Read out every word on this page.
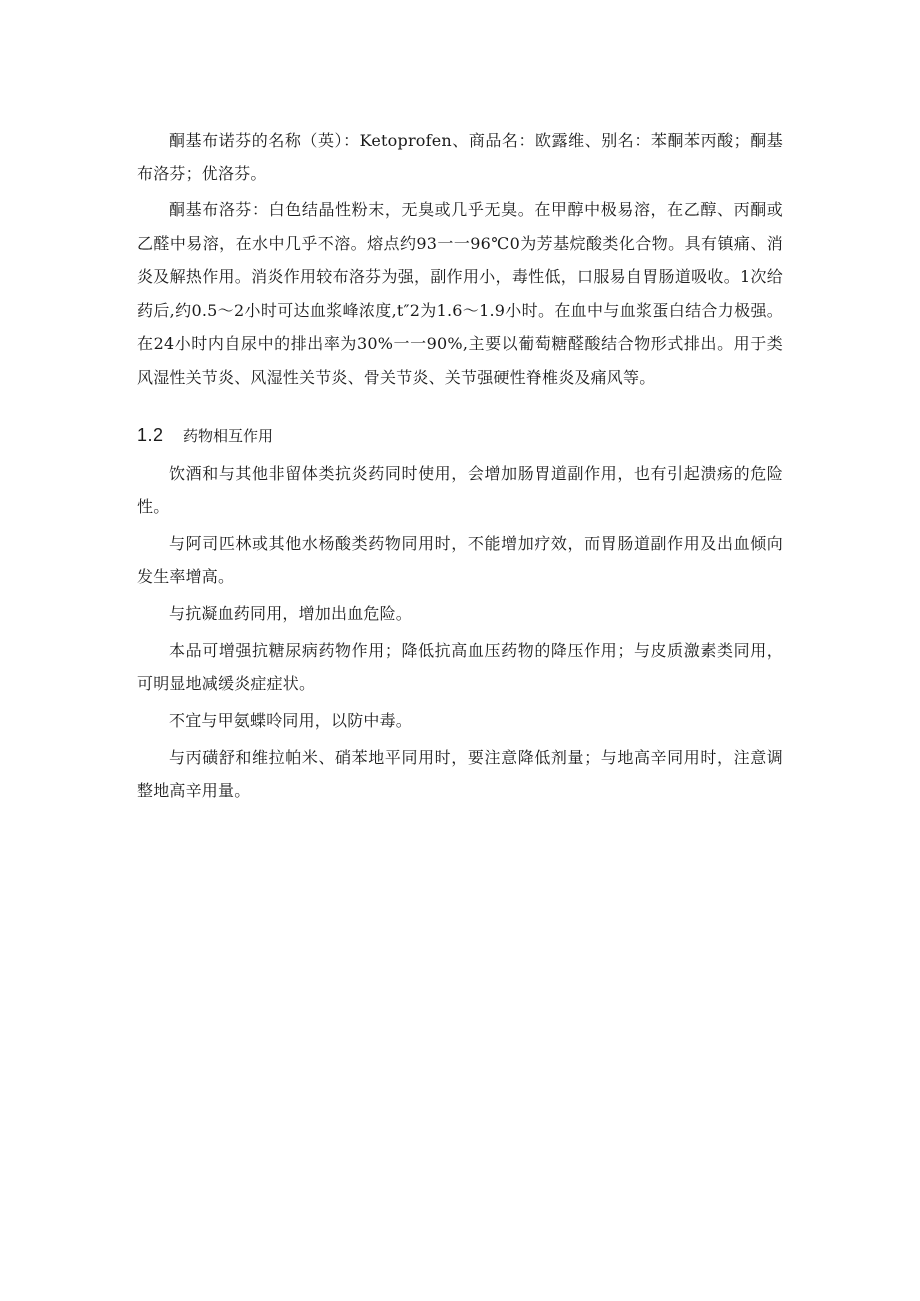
酮基布诺芬的名称（英）：Ketoprofen、商品名：欧露维、别名：苯酮苯丙酸；酮基布洛芬；优洛芬。

酮基布洛芬：白色结晶性粉末，无臭或几乎无臭。在甲醇中极易溶，在乙醇、丙酮或乙醛中易溶，在水中几乎不溶。熔点约93一一96℃0为芳基烷酸类化合物。具有镇痛、消炎及解热作用。消炎作用较布洛芬为强，副作用小，毒性低，口服易自胃肠道吸收。1次给药后,约0.5～2小时可达血浆峰浓度,t″2为1.6～1.9小时。在血中与血浆蛋白结合力极强。在24小时内自尿中的排出率为30%一一90%,主要以葡萄糖醛酸结合物形式排出。用于类风湿性关节炎、风湿性关节炎、骨关节炎、关节强硬性脊椎炎及痛风等。

1.2	药物相互作用

饮酒和与其他非留体类抗炎药同时使用，会增加肠胃道副作用，也有引起溃疡的危险性。

与阿司匹林或其他水杨酸类药物同用时，不能增加疗效，而胃肠道副作用及出血倾向发生率增高。

与抗凝血药同用，增加出血危险。

本品可增强抗糖尿病药物作用；降低抗高血压药物的降压作用；与皮质激素类同用，可明显地减缓炎症症状。

不宜与甲氨蝶呤同用，以防中毒。

与丙磺舒和维拉帕米、硝苯地平同用时，要注意降低剂量；与地高辛同用时，注意调整地高辛用量。
